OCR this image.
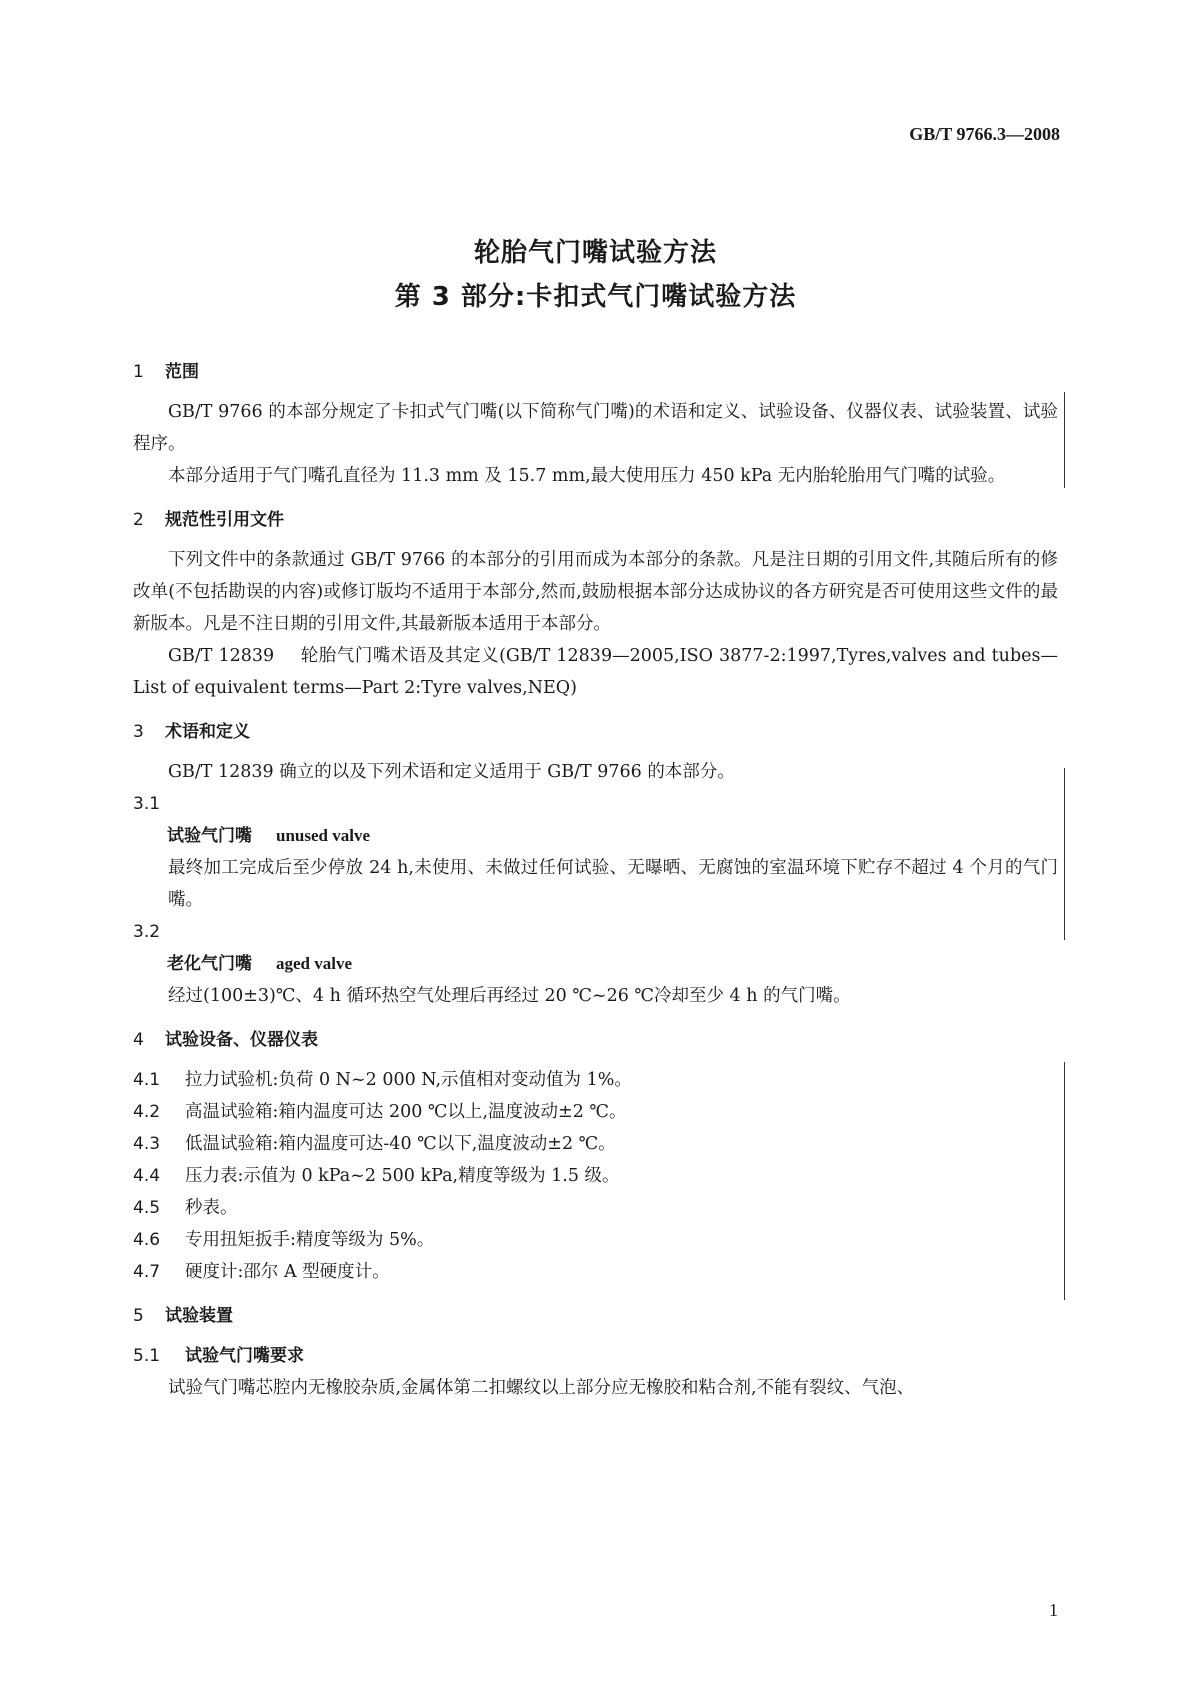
GB/T 9766.3—2008
轮胎气门嘴试验方法
第 3 部分:卡扣式气门嘴试验方法
1 范围
GB/T 9766 的本部分规定了卡扣式气门嘴(以下简称气门嘴)的术语和定义、试验设备、仪器仪表、试验装置、试验程序。
本部分适用于气门嘴孔直径为 11.3 mm 及 15.7 mm,最大使用压力 450 kPa 无内胎轮胎用气门嘴的试验。
2 规范性引用文件
下列文件中的条款通过 GB/T 9766 的本部分的引用而成为本部分的条款。凡是注日期的引用文件,其随后所有的修改单(不包括勘误的内容)或修订版均不适用于本部分,然而,鼓励根据本部分达成协议的各方研究是否可使用这些文件的最新版本。凡是不注日期的引用文件,其最新版本适用于本部分。
GB/T 12839 轮胎气门嘴术语及其定义(GB/T 12839—2005,ISO 3877-2:1997,Tyres,valves and tubes—List of equivalent terms—Part 2:Tyre valves,NEQ)
3 术语和定义
GB/T 12839 确立的以及下列术语和定义适用于 GB/T 9766 的本部分。
3.1
试验气门嘴 unused valve
最终加工完成后至少停放 24 h,未使用、未做过任何试验、无曝晒、无腐蚀的室温环境下贮存不超过 4 个月的气门嘴。
3.2
老化气门嘴 aged valve
经过(100±3)℃、4 h 循环热空气处理后再经过 20 ℃~26 ℃冷却至少 4 h 的气门嘴。
4 试验设备、仪器仪表
4.1	拉力试验机:负荷 0 N~2 000 N,示值相对变动值为 1%。
4.2	高温试验箱:箱内温度可达 200 ℃以上,温度波动±2 ℃。
4.3	低温试验箱:箱内温度可达-40 ℃以下,温度波动±2 ℃。
4.4	压力表:示值为 0 kPa~2 500 kPa,精度等级为 1.5 级。
4.5	秒表。
4.6	专用扭矩扳手:精度等级为 5%。
4.7	硬度计:邵尔 A 型硬度计。
5 试验装置
5.1 试验气门嘴要求
试验气门嘴芯腔内无橡胶杂质,金属体第二扣螺纹以上部分应无橡胶和粘合剂,不能有裂纹、气泡、
1
